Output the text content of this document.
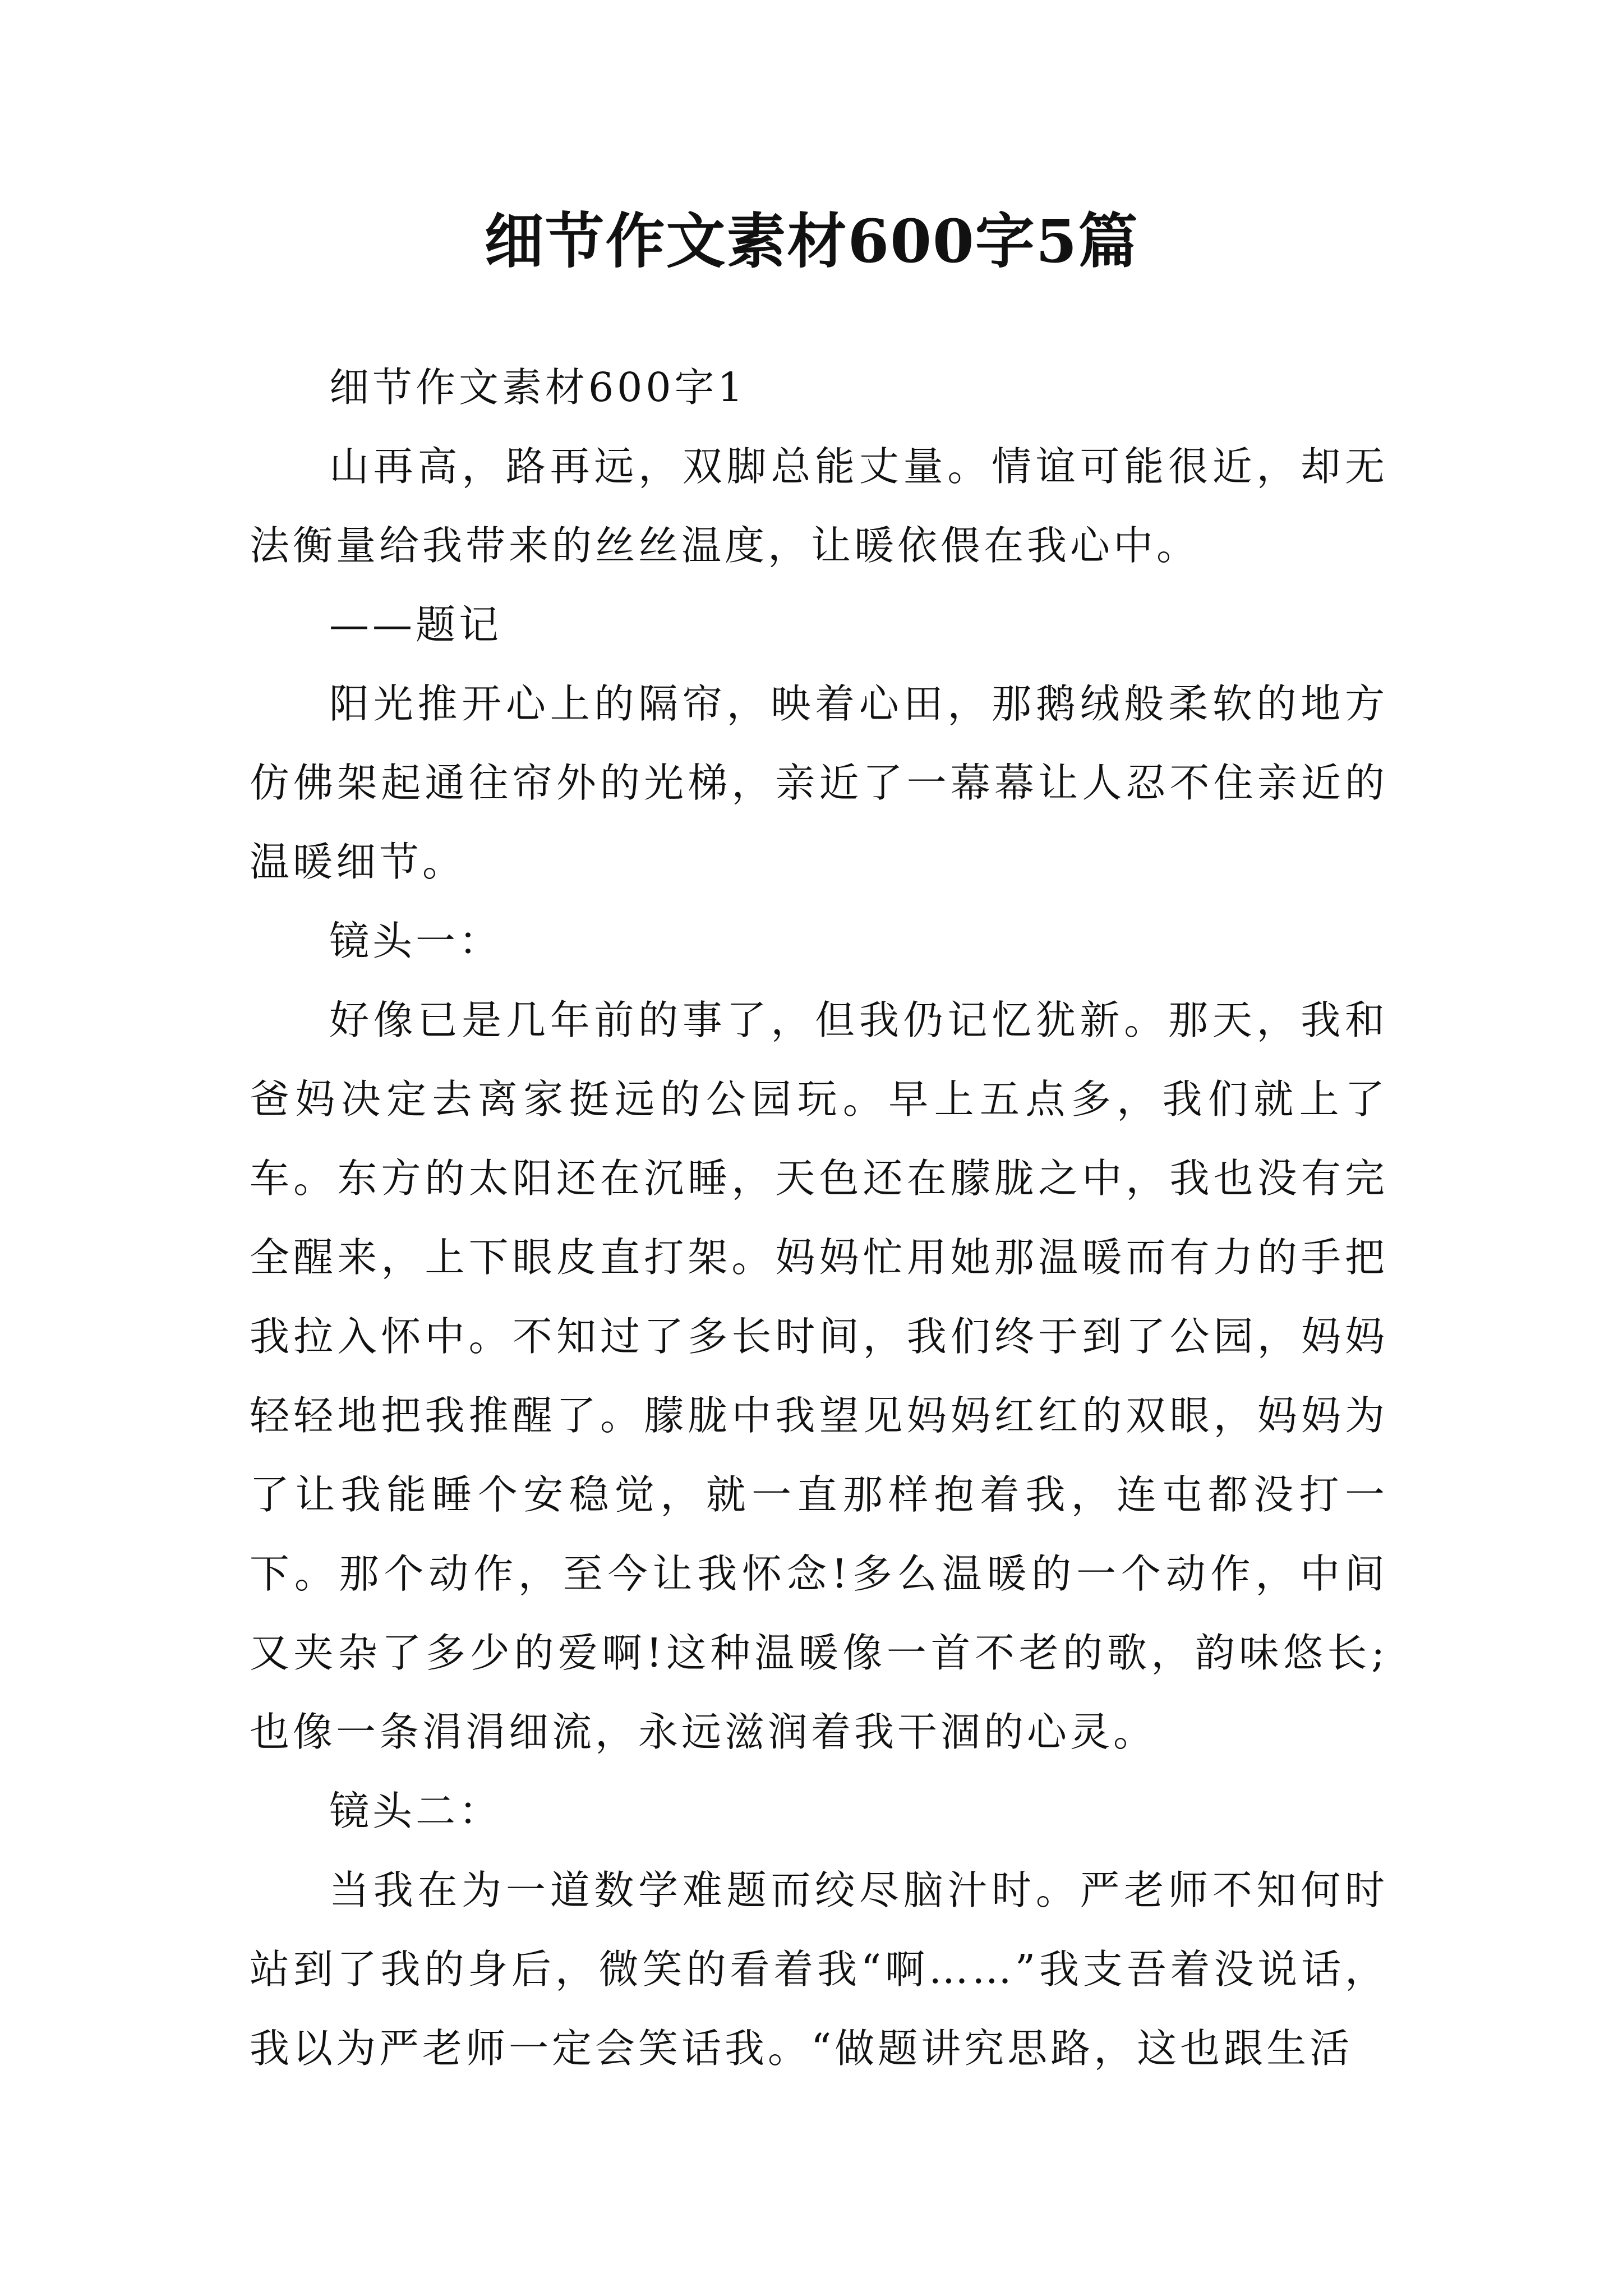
细节作文素材600字5篇

细节作文素材600字1

山再高，路再远，双脚总能丈量。情谊可能很近，却无法衡量给我带来的丝丝温度，让暖依偎在我心中。

——题记

阳光推开心上的隔帘，映着心田，那鹅绒般柔软的地方仿佛架起通往帘外的光梯，亲近了一幕幕让人忍不住亲近的温暖细节。

镜头一：

好像已是几年前的事了，但我仍记忆犹新。那天，我和爸妈决定去离家挺远的公园玩。早上五点多，我们就上了车。东方的太阳还在沉睡，天色还在朦胧之中，我也没有完全醒来，上下眼皮直打架。妈妈忙用她那温暖而有力的手把我拉入怀中。不知过了多长时间，我们终于到了公园，妈妈轻轻地把我推醒了。朦胧中我望见妈妈红红的双眼，妈妈为了让我能睡个安稳觉，就一直那样抱着我，连屯都没打一下。那个动作，至今让我怀念!多么温暖的一个动作，中间又夹杂了多少的爱啊!这种温暖像一首不老的歌，韵味悠长;也像一条涓涓细流，永远滋润着我干涸的心灵。

镜头二：

当我在为一道数学难题而绞尽脑汁时。严老师不知何时站到了我的身后，微笑的看着我“啊……”我支吾着没说话，我以为严老师一定会笑话我。“做题讲究思路，这也跟生活
